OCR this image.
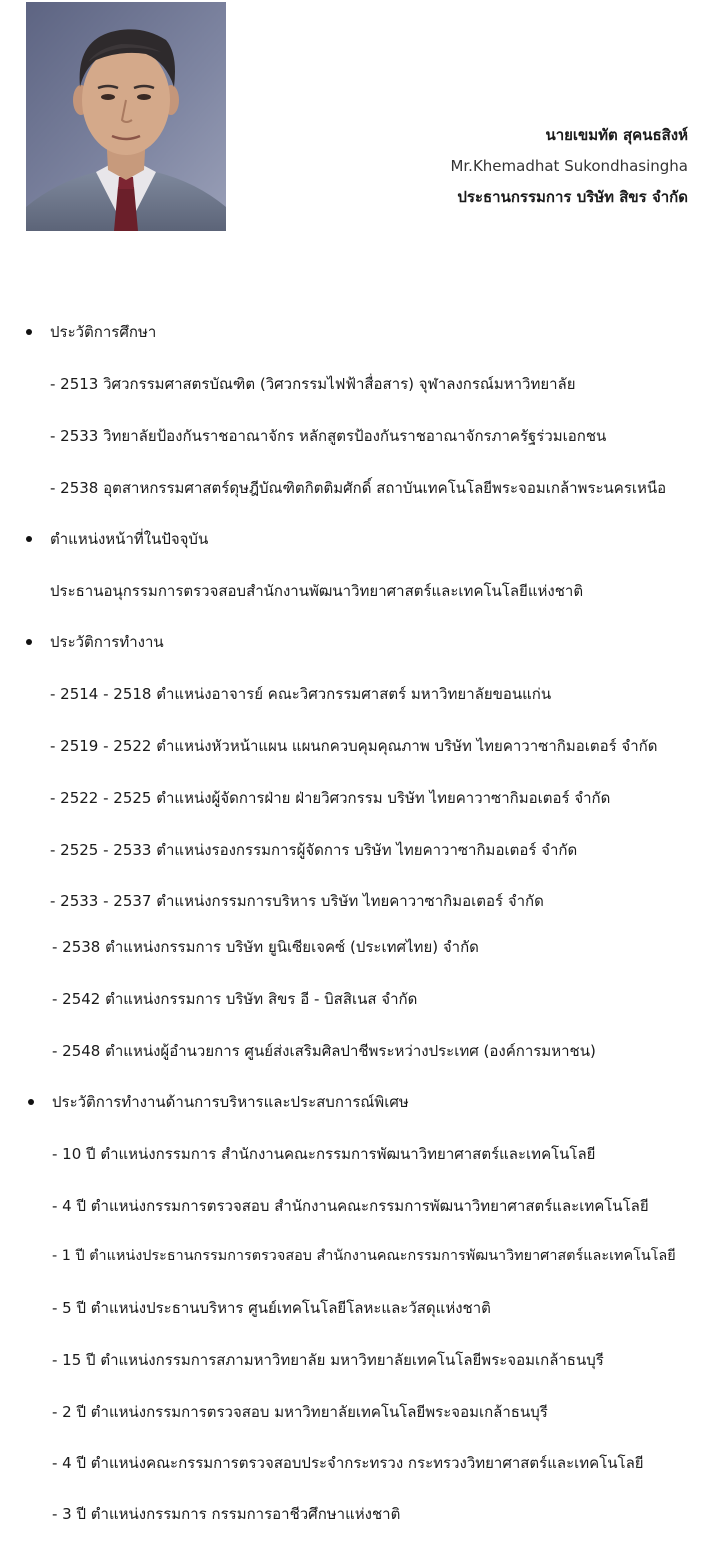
นายเขมทัต สุคนธสิงห์
Mr.Khemadhat Sukondhasingha
ประธานกรรมการ บริษัท สิขร จำกัด
ประวัติการศึกษา
- 2513 วิศวกรรมศาสตรบัณฑิต (วิศวกรรมไฟฟ้าสื่อสาร) จุฬาลงกรณ์มหาวิทยาลัย
- 2533 วิทยาลัยป้องกันราชอาณาจักร หลักสูตรป้องกันราชอาณาจักรภาครัฐร่วมเอกชน
- 2538 อุตสาหกรรมศาสตร์ดุษฎีบัณฑิตกิตติมศักดิ์ สถาบันเทคโนโลยีพระจอมเกล้าพระนครเหนือ
ตำแหน่งหน้าที่ในปัจจุบัน
ประธานอนุกรรมการตรวจสอบสำนักงานพัฒนาวิทยาศาสตร์และเทคโนโลยีแห่งชาติ
ประวัติการทำงาน
- 2514 - 2518 ตำแหน่งอาจารย์ คณะวิศวกรรมศาสตร์ มหาวิทยาลัยขอนแก่น
- 2519 - 2522 ตำแหน่งหัวหน้าแผน แผนกควบคุมคุณภาพ บริษัท ไทยคาวาซากิมอเตอร์ จำกัด
- 2522 - 2525 ตำแหน่งผู้จัดการฝ่าย ฝ่ายวิศวกรรม บริษัท ไทยคาวาซากิมอเตอร์ จำกัด
- 2525 - 2533 ตำแหน่งรองกรรมการผู้จัดการ บริษัท ไทยคาวาซากิมอเตอร์ จำกัด
- 2533 - 2537 ตำแหน่งกรรมการบริหาร บริษัท ไทยคาวาซากิมอเตอร์ จำกัด
- 2538 ตำแหน่งกรรมการ บริษัท ยูนิเซียเจคซ์ (ประเทศไทย) จำกัด
- 2542 ตำแหน่งกรรมการ บริษัท สิขร อี - บิสสิเนส จำกัด
- 2548 ตำแหน่งผู้อำนวยการ ศูนย์ส่งเสริมศิลปาชีพระหว่างประเทศ (องค์การมหาชน)
ประวัติการทำงานด้านการบริหารและประสบการณ์พิเศษ
- 10 ปี ตำแหน่งกรรมการ สำนักงานคณะกรรมการพัฒนาวิทยาศาสตร์และเทคโนโลยี
- 4 ปี ตำแหน่งกรรมการตรวจสอบ สำนักงานคณะกรรมการพัฒนาวิทยาศาสตร์และเทคโนโลยี
- 1 ปี ตำแหน่งประธานกรรมการตรวจสอบ สำนักงานคณะกรรมการพัฒนาวิทยาศาสตร์และเทคโนโลยี
- 5 ปี ตำแหน่งประธานบริหาร ศูนย์เทคโนโลยีโลหะและวัสดุแห่งชาติ
- 15 ปี ตำแหน่งกรรมการสภามหาวิทยาลัย มหาวิทยาลัยเทคโนโลยีพระจอมเกล้าธนบุรี
- 2 ปี ตำแหน่งกรรมการตรวจสอบ มหาวิทยาลัยเทคโนโลยีพระจอมเกล้าธนบุรี
- 4 ปี ตำแหน่งคณะกรรมการตรวจสอบประจำกระทรวง กระทรวงวิทยาศาสตร์และเทคโนโลยี
- 3 ปี ตำแหน่งกรรมการ กรรมการอาชีวศึกษาแห่งชาติ
